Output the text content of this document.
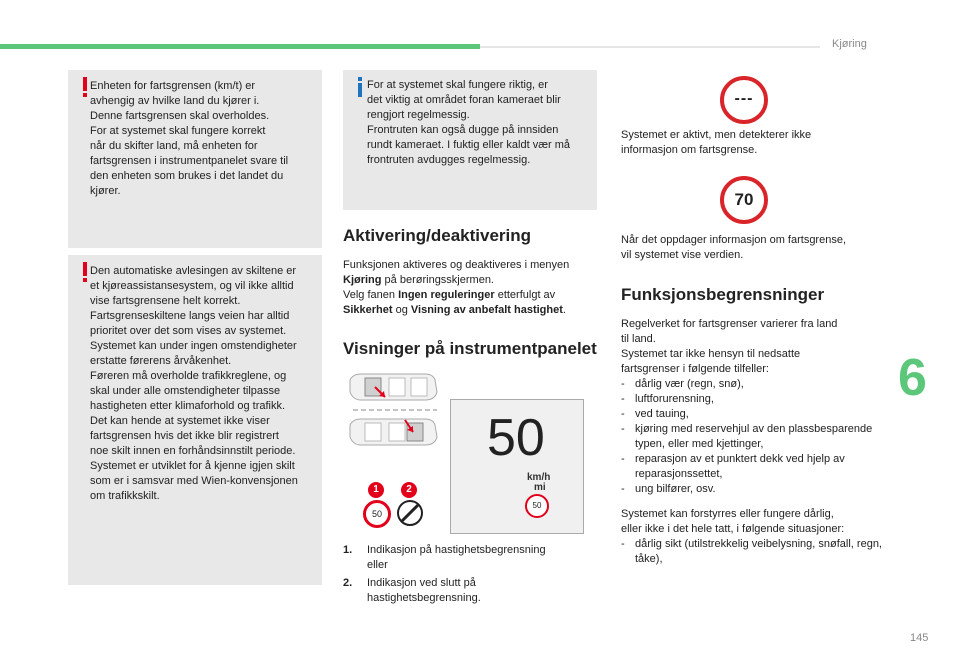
Kjøring
6
145

Enheten for fartsgrensen (km/t) er

avhengig av hvilke land du kjører i.

Denne fartsgrensen skal overholdes.

For at systemet skal fungere korrekt

når du skifter land, må enheten for

fartsgrensen i instrumentpanelet svare til

den enheten som brukes i det landet du

kjører.

Den automatiske avlesingen av skiltene er

et kjøreassistansesystem, og vil ikke alltid

vise fartsgrensene helt korrekt.

Fartsgrenseskiltene langs veien har alltid

prioritet over det som vises av systemet.

Systemet kan under ingen omstendigheter

erstatte førerens årvåkenhet.

Føreren må overholde trafikkreglene, og

skal under alle omstendigheter tilpasse

hastigheten etter klimaforhold og trafikk.

Det kan hende at systemet ikke viser

fartsgrensen hvis det ikke blir registrert

noe skilt innen en forhåndsinnstilt periode.

Systemet er utviklet for å kjenne igjen skilt

som er i samsvar med Wien-konvensjonen

om trafikkskilt.

For at systemet skal fungere riktig, er

det viktig at området foran kameraet blir

rengjort regelmessig.

Frontruten kan også dugge på innsiden

rundt kameraet. I fuktig eller kaldt vær må

frontruten avdugges regelmessig.

Aktivering/deaktivering

Funksjonen aktiveres og deaktiveres i menyen

Kjøring på berøringsskjermen.

Velg fanen Ingen reguleringer etterfulgt av

Sikkerhet og Visning av anbefalt hastighet.

Visninger på instrumentpanelet
1	2
50
50
km/h
mi
50
1. Indikasjon på hastighetsbegrensning
eller
2. Indikasjon ved slutt på
hastighetsbegrensning.
---

Systemet er aktivt, men detekterer ikke

informasjon om fartsgrense.

70

Når det oppdager informasjon om fartsgrense,

vil systemet vise verdien.

Funksjonsbegrensninger

Regelverket for fartsgrenser varierer fra land

til land.

Systemet tar ikke hensyn til nedsatte

fartsgrenser i følgende tilfeller:

- dårlig vær (regn, snø),
- luftforurensning,
- ved tauing,
- kjøring med reservehjul av den plassbesparende typen, eller med kjettinger,
- reparasjon av et punktert dekk ved hjelp av reparasjonssettet,
- ung bilfører, osv.

Systemet kan forstyrres eller fungere dårlig,

eller ikke i det hele tatt, i følgende situasjoner:

- dårlig sikt (utilstrekkelig veibelysning, snøfall, regn, tåke),
